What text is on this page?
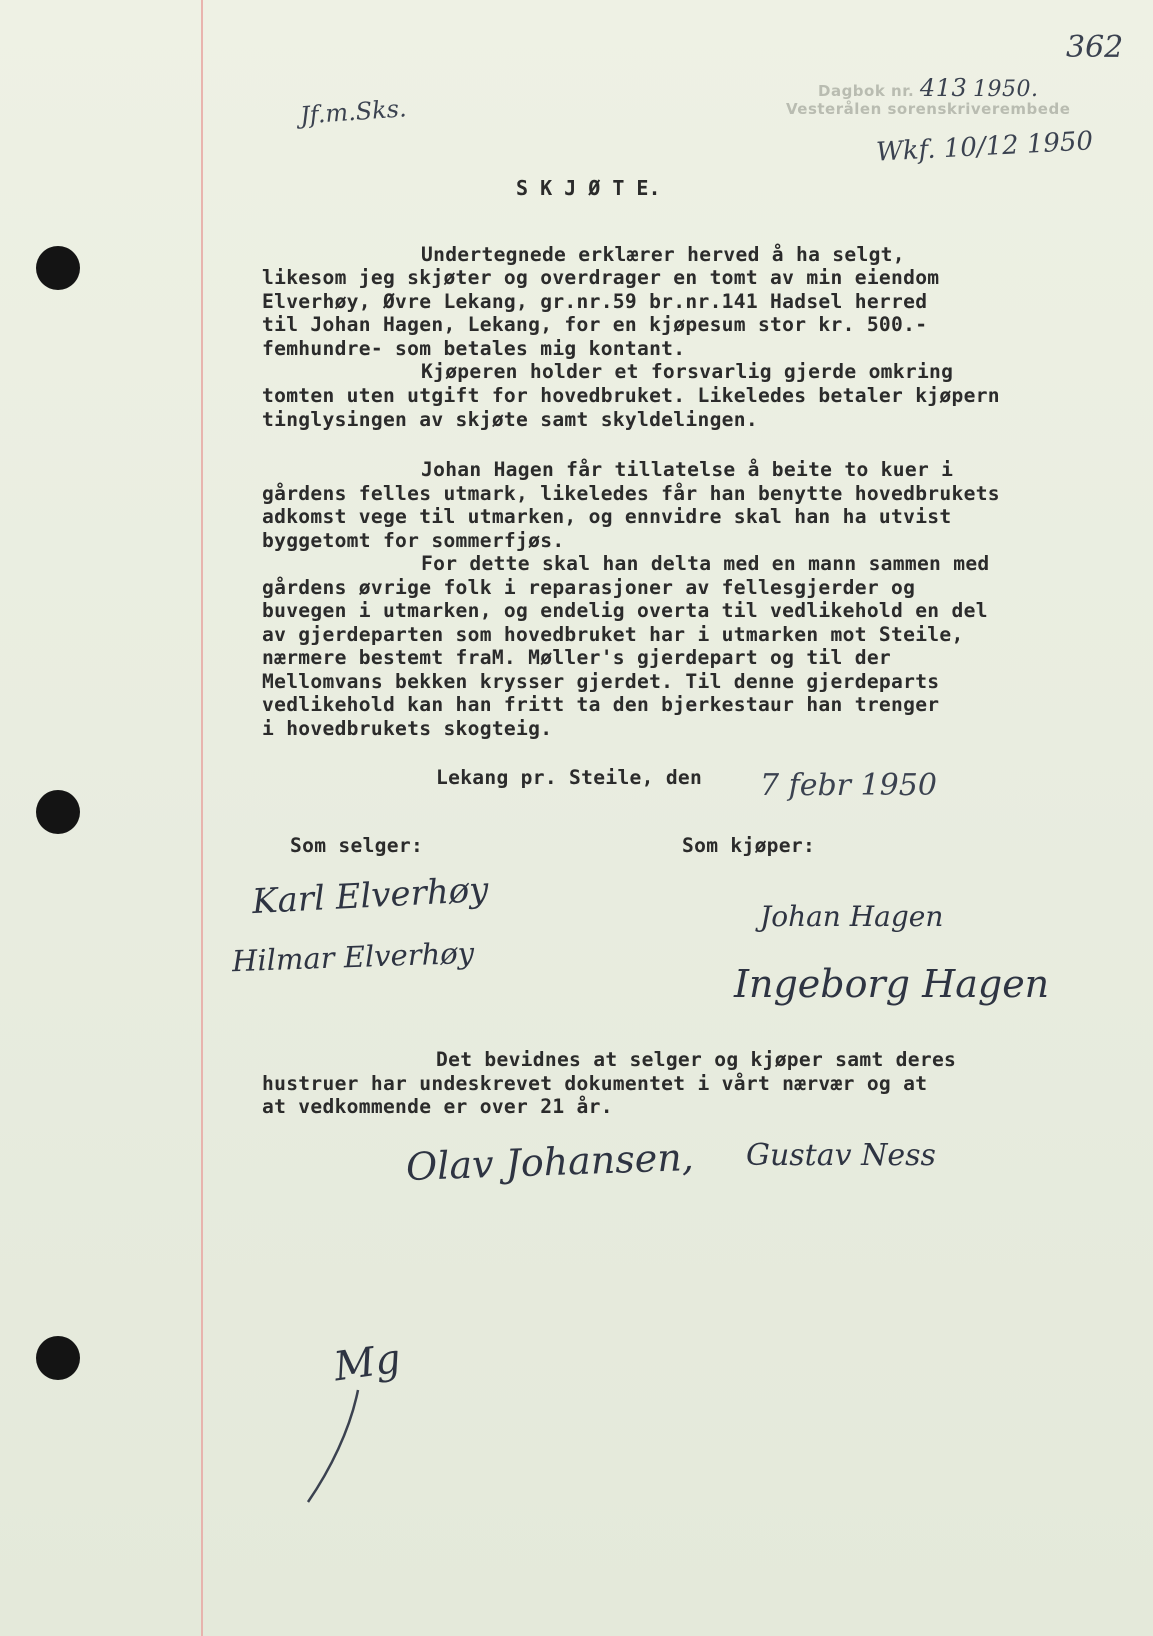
362
Dagbok nr. 413 1950.
Vesterålen sorenskriverembede
Wkf. 10/12 1950
Jf.m.Sks.
S K J Ø T E.
Undertegnede erklærer herved å ha selgt,
likesom jeg skjøter og overdrager en tomt av min eiendom
Elverhøy, Øvre Lekang, gr.nr.59 br.nr.141 Hadsel herred
til Johan Hagen, Lekang, for en kjøpesum stor kr. 500.-
femhundre- som betales mig kontant.
Kjøperen holder et forsvarlig gjerde omkring
tomten uten utgift for hovedbruket. Likeledes betaler kjøpern
tinglysingen av skjøte samt skyldelingen.
Johan Hagen får tillatelse å beite to kuer i
gårdens felles utmark, likeledes får han benytte hovedbrukets
adkomst vege til utmarken, og ennvidre skal han ha utvist
byggetomt for sommerfjøs.
For dette skal han delta med en mann sammen med
gårdens øvrige folk i reparasjoner av fellesgjerder og
buvegen i utmarken, og endelig overta til vedlikehold en del
av gjerdeparten som hovedbruket har i utmarken mot Steile,
nærmere bestemt fraM. Møller's gjerdepart og til der
Mellomvans bekken krysser gjerdet. Til denne gjerdeparts
vedlikehold kan han fritt ta den bjerkestaur han trenger
i hovedbrukets skogteig.
Lekang pr. Steile, den 7 febr 1950
Som selger:	Som kjøper:
Karl Elverhøy
Hilmar Elverhøy
Johan Hagen
Ingeborg Hagen
Det bevidnes at selger og kjøper samt deres
hustruer har undeskrevet dokumentet i vårt nærvær og at
at vedkommende er over 21 år.
Olav Johansen, Gustav Ness
Mg
